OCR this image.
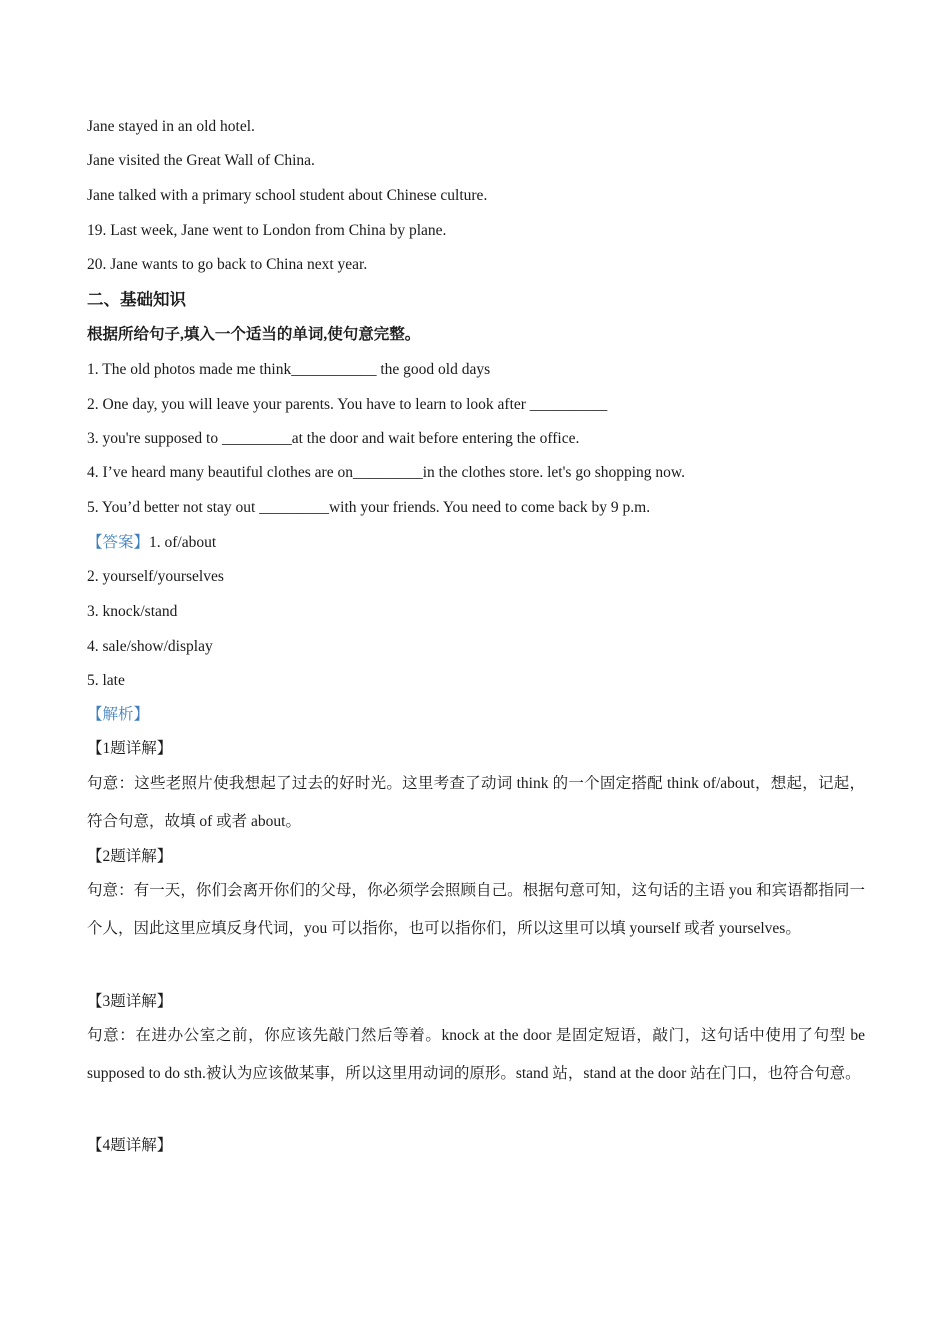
Jane stayed in an old hotel.
Jane visited the Great Wall of China.
Jane talked with a primary school student about Chinese culture.
19. Last week, Jane went to London from China by plane.
20. Jane wants to go back to China next year.
二、基础知识
根据所给句子,填入一个适当的单词,使句意完整。
1. The old photos made me think___________ the good old days
2. One day, you will leave your parents. You have to learn to look after __________
3. you're supposed to _________at the door and wait before entering the office.
4. I’ve heard many beautiful clothes are on_________in the clothes store. let's go shopping now.
5. You’d better not stay out _________with your friends. You need to come back by 9 p.m.
【答案】1. of/about
2. yourself/yourselves
3. knock/stand
4. sale/show/display
5. late
【解析】
【1题详解】
句意：这些老照片使我想起了过去的好时光。这里考查了动词 think 的一个固定搭配 think of/about，想起，记起，符合句意，故填 of 或者 about。
【2题详解】
句意：有一天，你们会离开你们的父母，你必须学会照顾自己。根据句意可知，这句话的主语 you 和宾语都指同一个人，因此这里应填反身代词，you 可以指你，也可以指你们，所以这里可以填 yourself 或者 yourselves。
【3题详解】
句意：在进办公室之前，你应该先敲门然后等着。knock at the door 是固定短语，敲门，这句话中使用了句型 be supposed to do sth.被认为应该做某事，所以这里用动词的原形。stand 站，stand at the door 站在门口，也符合句意。
【4题详解】
